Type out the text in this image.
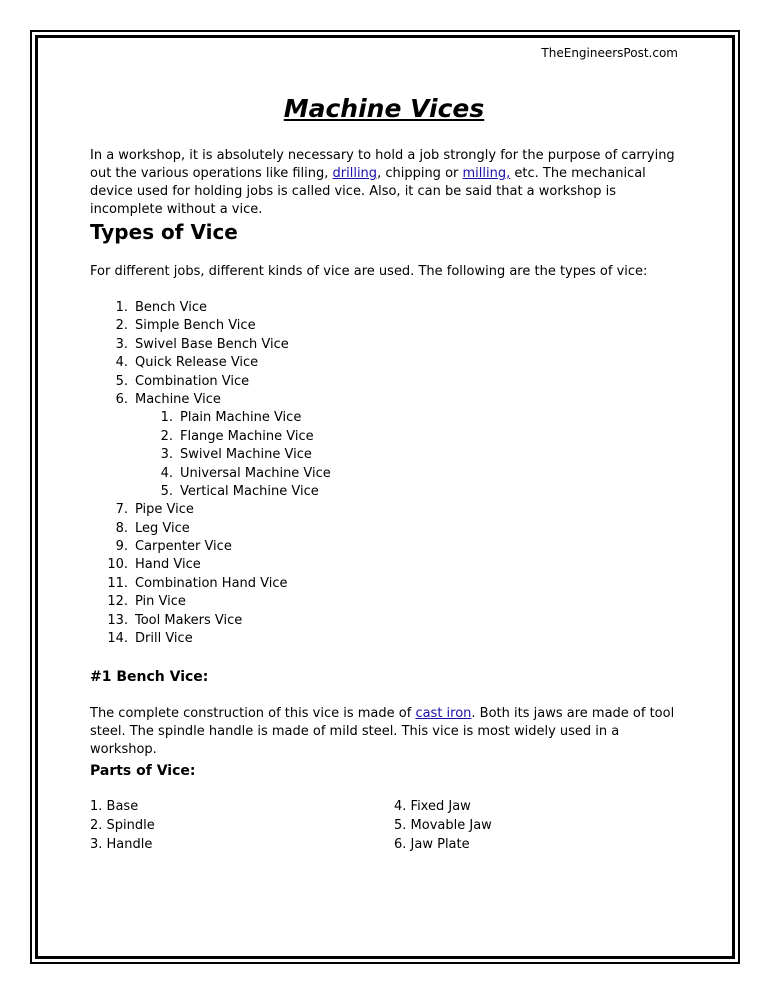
TheEngineersPost.com
Machine Vices

In a workshop, it is absolutely necessary to hold a job strongly for the purpose of carrying out the various operations like filing, drilling, chipping or milling, etc. The mechanical device used for holding jobs is called vice. Also, it can be said that a workshop is incomplete without a vice.

Types of Vice

For different jobs, different kinds of vice are used. The following are the types of vice:

1. Bench Vice
2. Simple Bench Vice
3. Swivel Base Bench Vice
4. Quick Release Vice
5. Combination Vice
6. Machine Vice
1. Plain Machine Vice
2. Flange Machine Vice
3. Swivel Machine Vice
4. Universal Machine Vice
5. Vertical Machine Vice
7. Pipe Vice
8. Leg Vice
9. Carpenter Vice
10. Hand Vice
11. Combination Hand Vice
12. Pin Vice
13. Tool Makers Vice
14. Drill Vice
#1 Bench Vice:

The complete construction of this vice is made of cast iron. Both its jaws are made of tool steel. The spindle handle is made of mild steel. This vice is most widely used in a workshop.

Parts of Vice:
1. Base
2. Spindle
3. Handle
4. Fixed Jaw
5. Movable Jaw
6. Jaw Plate
